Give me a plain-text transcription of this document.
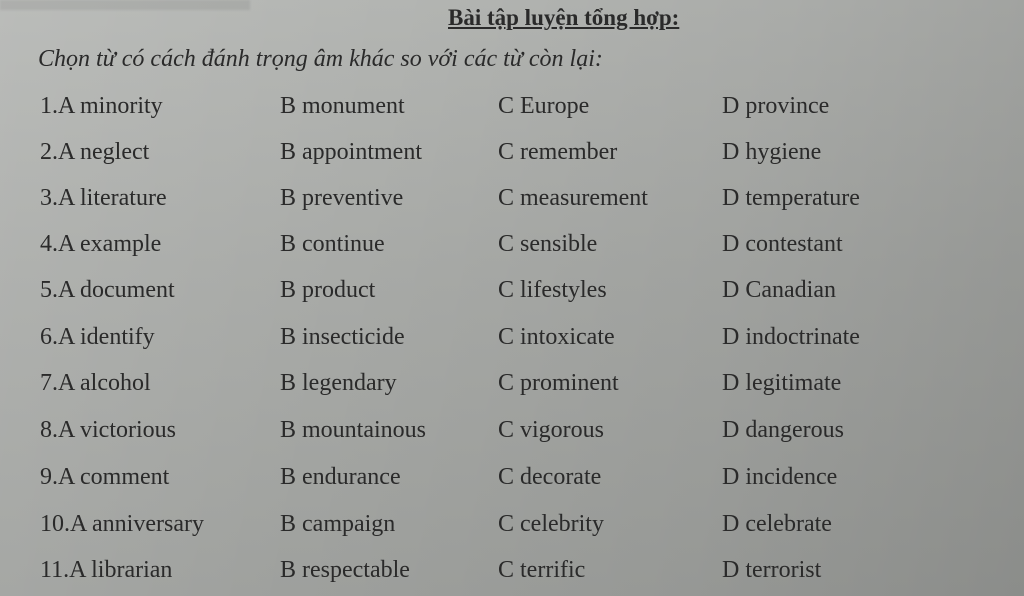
Bài tập luyện tổng hợp:
Chọn từ có cách đánh trọng âm khác so với các từ còn lại:
1.A minority	B monument	C Europe	D province
2.A neglect	B appointment	C remember	D hygiene
3.A literature	B preventive	C measurement	D temperature
4.A example	B continue	C sensible	D contestant
5.A document	B product	C lifestyles	D Canadian
6.A identify	B insecticide	C intoxicate	D indoctrinate
7.A alcohol	B legendary	C prominent	D legitimate
8.A victorious	B mountainous	C vigorous	D dangerous
9.A comment	B endurance	C decorate	D incidence
10.A anniversary	B campaign	C celebrity	D celebrate
11.A librarian	B respectable	C terrific	D terrorist
